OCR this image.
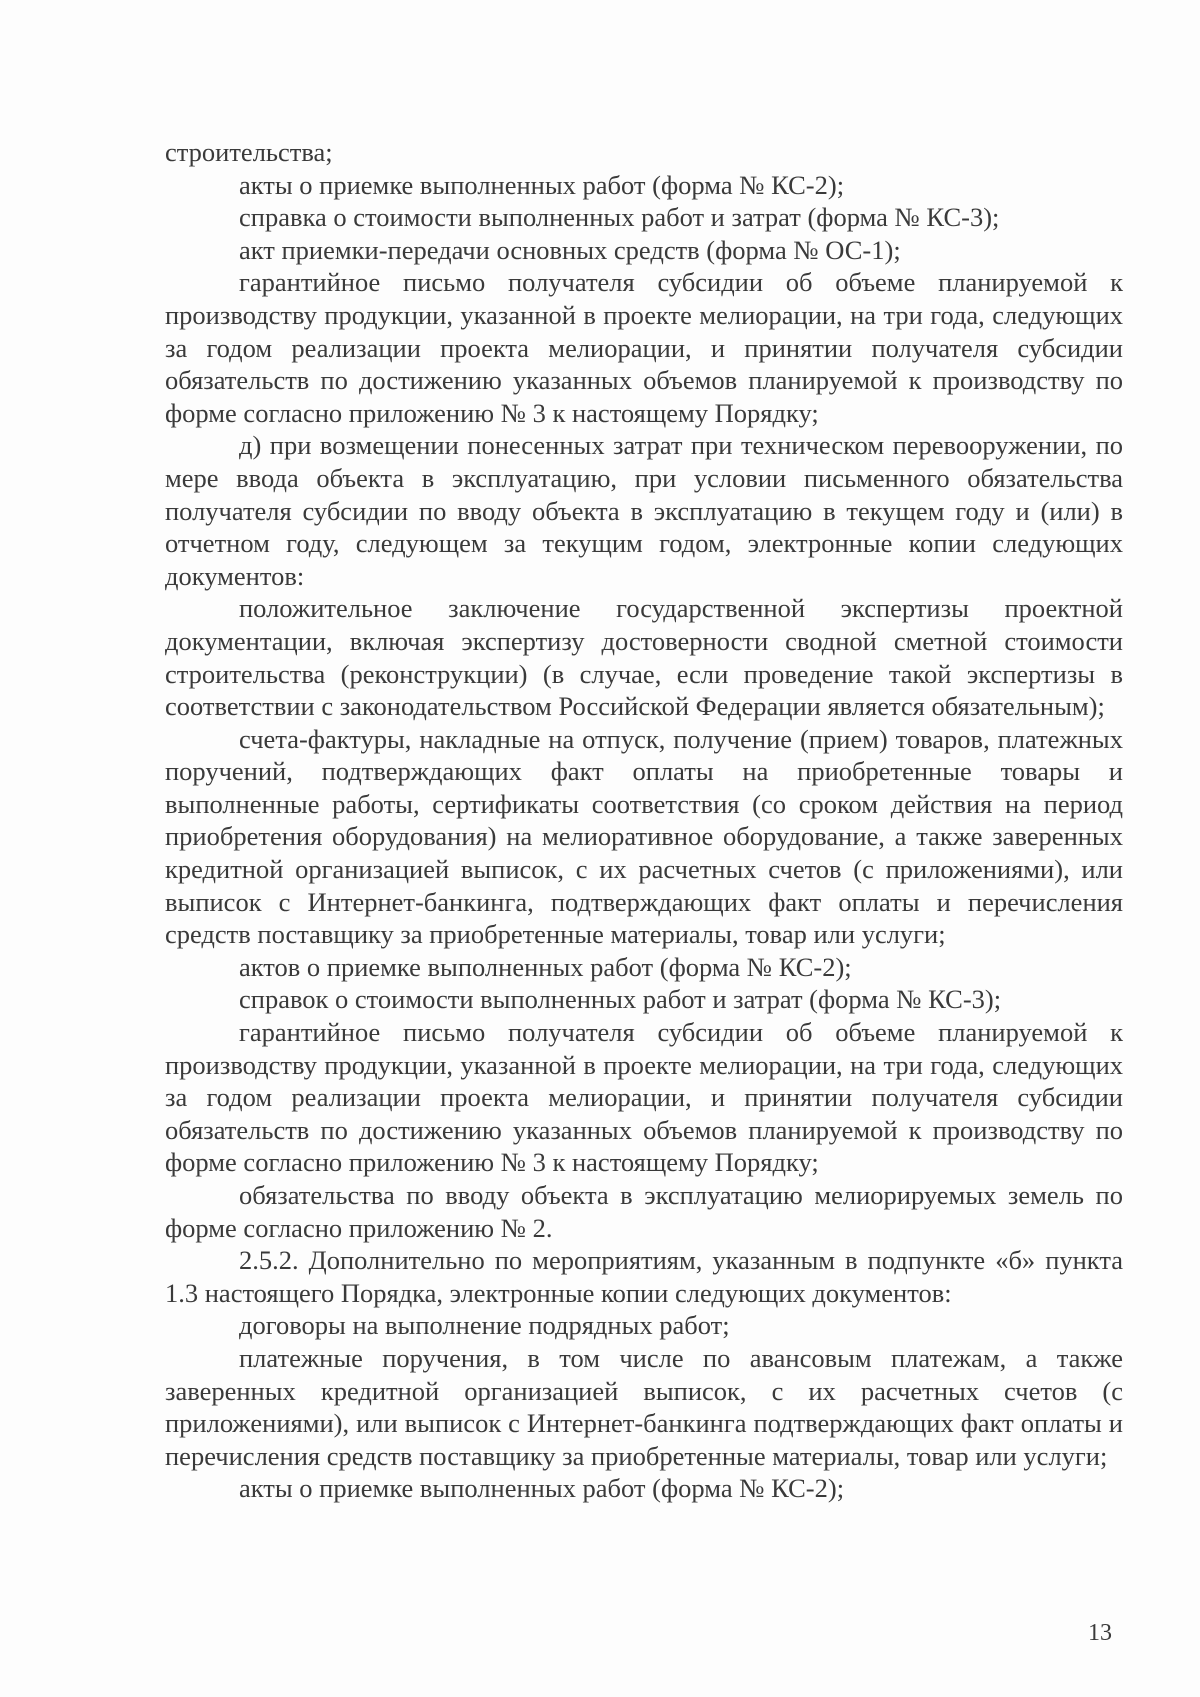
строительства;

акты о приемке выполненных работ (форма № КС-2);

справка о стоимости выполненных работ и затрат (форма № КС-3);

акт приемки-передачи основных средств (форма № ОС-1);

гарантийное письмо получателя субсидии об объеме планируемой к производству продукции, указанной в проекте мелиорации, на три года, следующих за годом реализации проекта мелиорации, и принятии получателя субсидии обязательств по достижению указанных объемов планируемой к производству по форме согласно приложению № 3 к настоящему Порядку;

д) при возмещении понесенных затрат при техническом перевооружении, по мере ввода объекта в эксплуатацию, при условии письменного обязательства получателя субсидии по вводу объекта в эксплуатацию в текущем году и (или) в отчетном году, следующем за текущим годом, электронные копии следующих документов:

положительное заключение государственной экспертизы проектной документации, включая экспертизу достоверности сводной сметной стоимости строительства (реконструкции) (в случае, если проведение такой экспертизы в соответствии с законодательством Российской Федерации является обязательным);

счета-фактуры, накладные на отпуск, получение (прием) товаров, платежных поручений, подтверждающих факт оплаты на приобретенные товары и выполненные работы, сертификаты соответствия (со сроком действия на период приобретения оборудования) на мелиоративное оборудование, а также заверенных кредитной организацией выписок, с их расчетных счетов (с приложениями), или выписок с Интернет-банкинга, подтверждающих факт оплаты и перечисления средств поставщику за приобретенные материалы, товар или услуги;

актов о приемке выполненных работ (форма № КС-2);

справок о стоимости выполненных работ и затрат (форма № КС-3);

гарантийное письмо получателя субсидии об объеме планируемой к производству продукции, указанной в проекте мелиорации, на три года, следующих за годом реализации проекта мелиорации, и принятии получателя субсидии обязательств по достижению указанных объемов планируемой к производству по форме согласно приложению № 3 к настоящему Порядку;

обязательства по вводу объекта в эксплуатацию мелиорируемых земель по форме согласно приложению № 2.

2.5.2. Дополнительно по мероприятиям, указанным в подпункте «б» пункта 1.3 настоящего Порядка, электронные копии следующих документов:

договоры на выполнение подрядных работ;

платежные поручения, в том числе по авансовым платежам, а также заверенных кредитной организацией выписок, с их расчетных счетов (с приложениями), или выписок с Интернет-банкинга подтверждающих факт оплаты и перечисления средств поставщику за приобретенные материалы, товар или услуги;

акты о приемке выполненных работ (форма № КС-2);

13
